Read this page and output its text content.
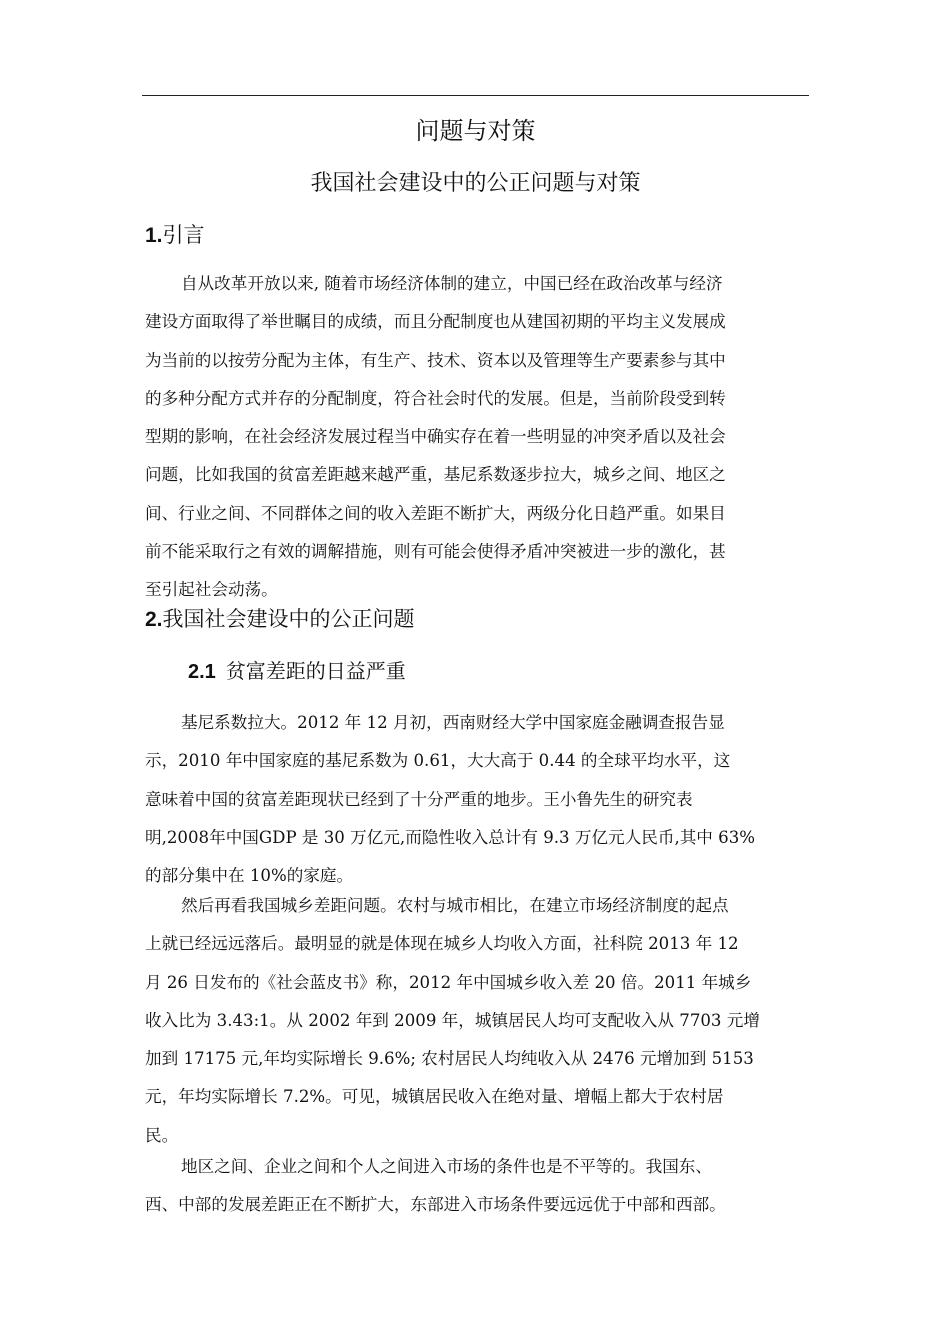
问题与对策
我国社会建设中的公正问题与对策
1.引言
自从改革开放以来, 随着市场经济体制的建立，中国已经在政治改革与经济
建设方面取得了举世瞩目的成绩，而且分配制度也从建国初期的平均主义发展成
为当前的以按劳分配为主体，有生产、技术、资本以及管理等生产要素参与其中
的多种分配方式并存的分配制度，符合社会时代的发展。但是，当前阶段受到转
型期的影响，在社会经济发展过程当中确实存在着一些明显的冲突矛盾以及社会
问题，比如我国的贫富差距越来越严重，基尼系数逐步拉大，城乡之间、地区之
间、行业之间、不同群体之间的收入差距不断扩大，两级分化日趋严重。如果目
前不能采取行之有效的调解措施，则有可能会使得矛盾冲突被进一步的激化，甚
至引起社会动荡。
2.我国社会建设中的公正问题
2.1 贫富差距的日益严重
基尼系数拉大。2012 年 12 月初，西南财经大学中国家庭金融调查报告显
示，2010 年中国家庭的基尼系数为 0.61，大大高于 0.44 的全球平均水平，这
意味着中国的贫富差距现状已经到了十分严重的地步。王小鲁先生的研究表
明,2008年中国GDP 是 30 万亿元,而隐性收入总计有 9.3 万亿元人民币,其中 63%
的部分集中在 10%的家庭。
然后再看我国城乡差距问题。农村与城市相比，在建立市场经济制度的起点
上就已经远远落后。最明显的就是体现在城乡人均收入方面，社科院 2013 年 12
月 26 日发布的《社会蓝皮书》称，2012 年中国城乡收入差 20 倍。2011 年城乡
收入比为 3.43:1。从 2002 年到 2009 年，城镇居民人均可支配收入从 7703 元增
加到 17175 元,年均实际增长 9.6%; 农村居民人均纯收入从 2476 元增加到 5153
元，年均实际增长 7.2%。可见，城镇居民收入在绝对量、增幅上都大于农村居
民。
地区之间、企业之间和个人之间进入市场的条件也是不平等的。我国东、
西、中部的发展差距正在不断扩大，东部进入市场条件要远远优于中部和西部。
